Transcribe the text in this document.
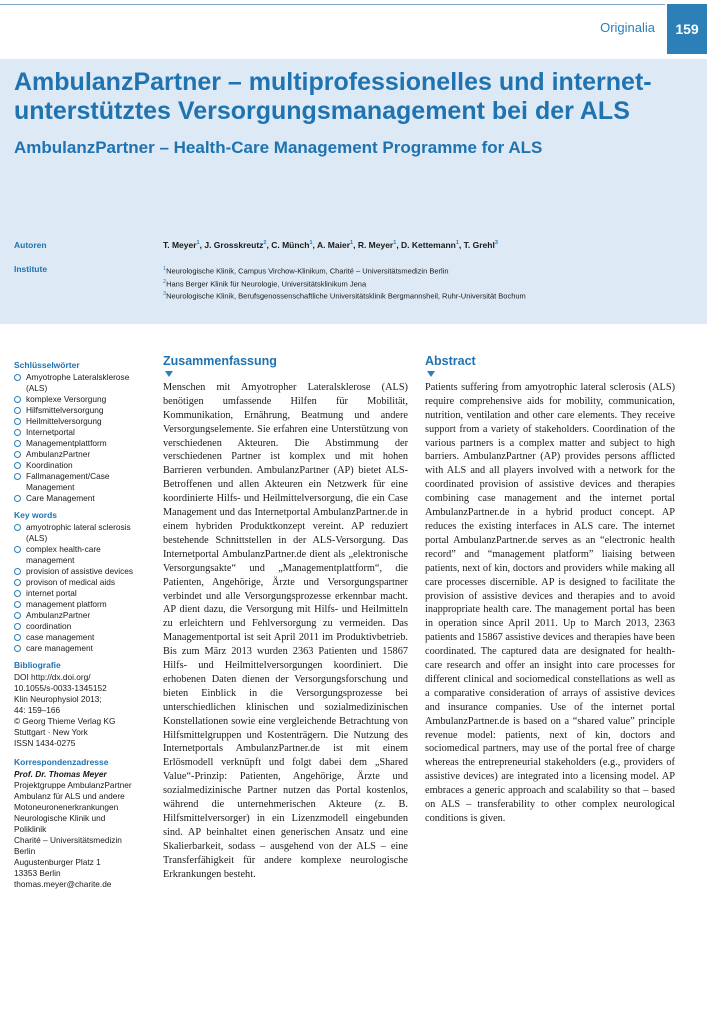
Originalia	159
AmbulanzPartner – multiprofessionelles und internet-unterstütztes Versorgungsmanagement bei der ALS
AmbulanzPartner – Health-Care Management Programme for ALS
Autoren	T. Meyer$^1$, J. Grosskreutz$^2$, C. Münch$^1$, A. Maier$^1$, R. Meyer$^1$, D. Kettemann$^1$, T. Grehl$^3$
Institute	$^1$Neurologische Klinik, Campus Virchow-Klinikum, Charité – Universitätsmedizin Berlin
$^2$Hans Berger Klinik für Neurologie, Universitätsklinikum Jena
$^3$Neurologische Klinik, Berufsgenossenschaftliche Universitätsklinik Bergmannsheil, Ruhr-Universität Bochum
Schlüsselwörter
Amyotrophe Lateralsklerose
(ALS)
komplexe Versorgung
Hilfsmittelversorgung
Heilmittelversorgung
Internetportal
Managementplattform
AmbulanzPartner
Koordination
Fallmanagement/Case
Management
Care Management
Key words
amyotrophic lateral sclerosis
(ALS)
complex health-care
management
provision of assistive devices
provison of medical aids
internet portal
management platform
AmbulanzPartner
coordination
case management
care management
Bibliografie
DOI http://dx.doi.org/
10.1055/s-0033-1345152
Klin Neurophysiol 2013;
44: 159–166
© Georg Thieme Verlag KG
Stuttgart · New York
ISSN 1434-0275
Korrespondenzadresse
Prof. Dr. Thomas Meyer
Projektgruppe AmbulanzPartner
Ambulanz für ALS und andere
Motoneuronenerkrankungen
Neurologische Klinik und
Poliklinik
Charité – Universitätsmedizin
Berlin
Augustenburger Platz 1
13353 Berlin
thomas.meyer@charite.de
Zusammenfassung

Menschen mit Amyotropher Lateralsklerose (ALS) benötigen umfassende Hilfen für Mobilität, Kommunikation, Ernährung, Beatmung und andere Versorgungselemente. Sie erfahren eine Unterstützung von verschiedenen Akteuren. Die Abstimmung der verschiedenen Partner ist komplex und mit hohen Barrieren verbunden. AmbulanzPartner (AP) bietet ALS-Betroffenen und allen Akteuren ein Netzwerk für eine koordinierte Hilfs- und Heilmittelversorgung, die ein Case Management und das Internetportal AmbulanzPartner.de in einem hybriden Produktkonzept vereint. AP reduziert bestehende Schnittstellen in der ALS-Versorgung. Das Internetportal AmbulanzPartner.de dient als „elektronische Versorgungsakte“ und „Managementplattform“, die Patienten, Angehörige, Ärzte und Versorgungspartner verbindet und alle Versorgungsprozesse erkennbar macht. AP dient dazu, die Versorgung mit Hilfs- und Heilmitteln zu erleichtern und Fehlversorgung zu vermeiden. Das Managementportal ist seit April 2011 im Produktivbetrieb. Bis zum März 2013 wurden 2363 Patienten und 15867 Hilfs- und Heilmittelversorgungen koordiniert. Die erhobenen Daten dienen der Versorgungsforschung und bieten Einblick in die Versorgungsprozesse bei unterschiedlichen klinischen und sozialmedizinischen Konstellationen sowie eine vergleichende Betrachtung von Hilfsmittelgruppen und Kostenträgern. Die Nutzung des Internetportals AmbulanzPartner.de ist mit einem Erlösmodell verknüpft und folgt dabei dem „Shared Value“-Prinzip: Patienten, Angehörige, Ärzte und sozialmedizinische Partner nutzen das Portal kostenlos, während die unternehmerischen Akteure (z. B. Hilfsmittelversorger) in ein Lizenzmodell eingebunden sind. AP beinhaltet einen generischen Ansatz und eine Skalierbarkeit, sodass – ausgehend von der ALS – eine Transferfähigkeit für andere komplexe neurologische Erkrankungen besteht.

Abstract

Patients suffering from amyotrophic lateral sclerosis (ALS) require comprehensive aids for mobility, communication, nutrition, ventilation and other care elements. They receive support from a variety of stakeholders. Coordination of the various partners is a complex matter and subject to high barriers. AmbulanzPartner (AP) provides persons afflicted with ALS and all players involved with a network for the coordinated provision of assistive devices and therapies combining case management and the internet portal AmbulanzPartner.de in a hybrid product concept. AP reduces the existing interfaces in ALS care. The internet portal AmbulanzPartner.de serves as an “electronic health record” and “management platform” liaising between patients, next of kin, doctors and providers while making all care processes discernible. AP is designed to facilitate the provision of assistive devices and therapies and to avoid inappropriate health care. The management portal has been in operation since April 2011. Up to March 2013, 2363 patients and 15867 assistive devices and therapies have been coordinated. The captured data are designated for health-care research and offer an insight into care processes for different clinical and sociomedical constellations as well as a comparative consideration of arrays of assistive devices and insurance companies. Use of the internet portal AmbulanzPartner.de is based on a “shared value” principle revenue model: patients, next of kin, doctors and sociomedical partners, may use of the portal free of charge whereas the entrepreneurial stakeholders (e.g., providers of assistive devices) are integrated into a licensing model. AP embraces a generic approach and scalability so that – based on ALS – transferability to other complex neurological conditions is given.
